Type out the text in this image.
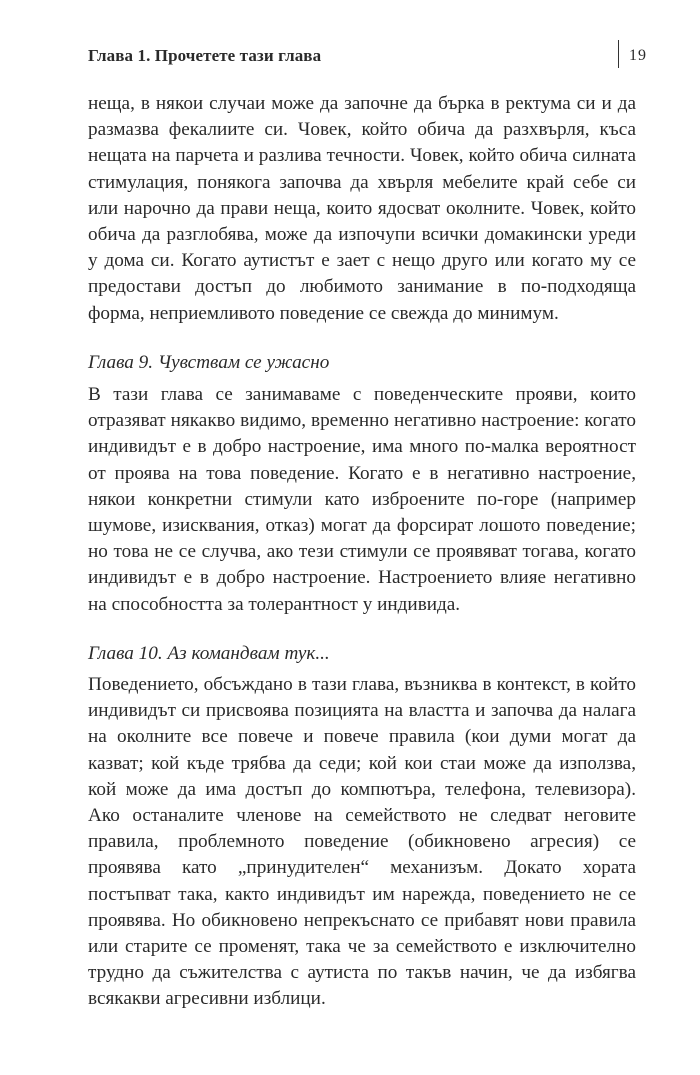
Глава 1. Прочетете тази глава	19

неща, в някои случаи може да започне да бърка в ректума си и да размазва фекалиите си. Човек, който обича да разхвърля, къса нещата на парчета и разлива течности. Човек, който обича силната стимулация, понякога започва да хвърля мебелите край себе си или нарочно да прави неща, които ядосват околните. Човек, който обича да разглобява, може да изпочупи всички домакински уреди у дома си. Когато аутистът е зает с нещо друго или когато му се предостави достъп до любимото занимание в по-подходяща форма, неприемливото поведение се свежда до минимум.

Глава 9. Чувствам се ужасно

В тази глава се занимаваме с поведенческите прояви, които отразяват някакво видимо, временно негативно настроение: когато индивидът е в добро настроение, има много по-малка вероятност от проява на това поведение. Когато е в негативно настроение, някои конкретни стимули като изброените по-горе (например шумове, изисквания, отказ) могат да форсират лошото поведение; но това не се случва, ако тези стимули се проявяват тогава, когато индивидът е в добро настроение. Настроението влияе негативно на способността за толерантност у индивида.

Глава 10. Аз командвам тук...

Поведението, обсъждано в тази глава, възниква в контекст, в който индивидът си присвоява позицията на властта и започва да налага на околните все повече и повече правила (кои думи могат да казват; кой къде трябва да седи; кой кои стаи може да използва, кой може да има достъп до компютъра, телефона, телевизора). Ако останалите членове на семейството не следват неговите правила, проблемното поведение (обикновено агресия) се проявява като „принудителен“ механизъм. Докато хората постъпват така, както индивидът им нарежда, поведението не се проявява. Но обикновено непрекъснато се прибавят нови правила или старите се променят, така че за семейството е изключително трудно да съжителства с аутиста по такъв начин, че да избягва всякакви агресивни изблици.
